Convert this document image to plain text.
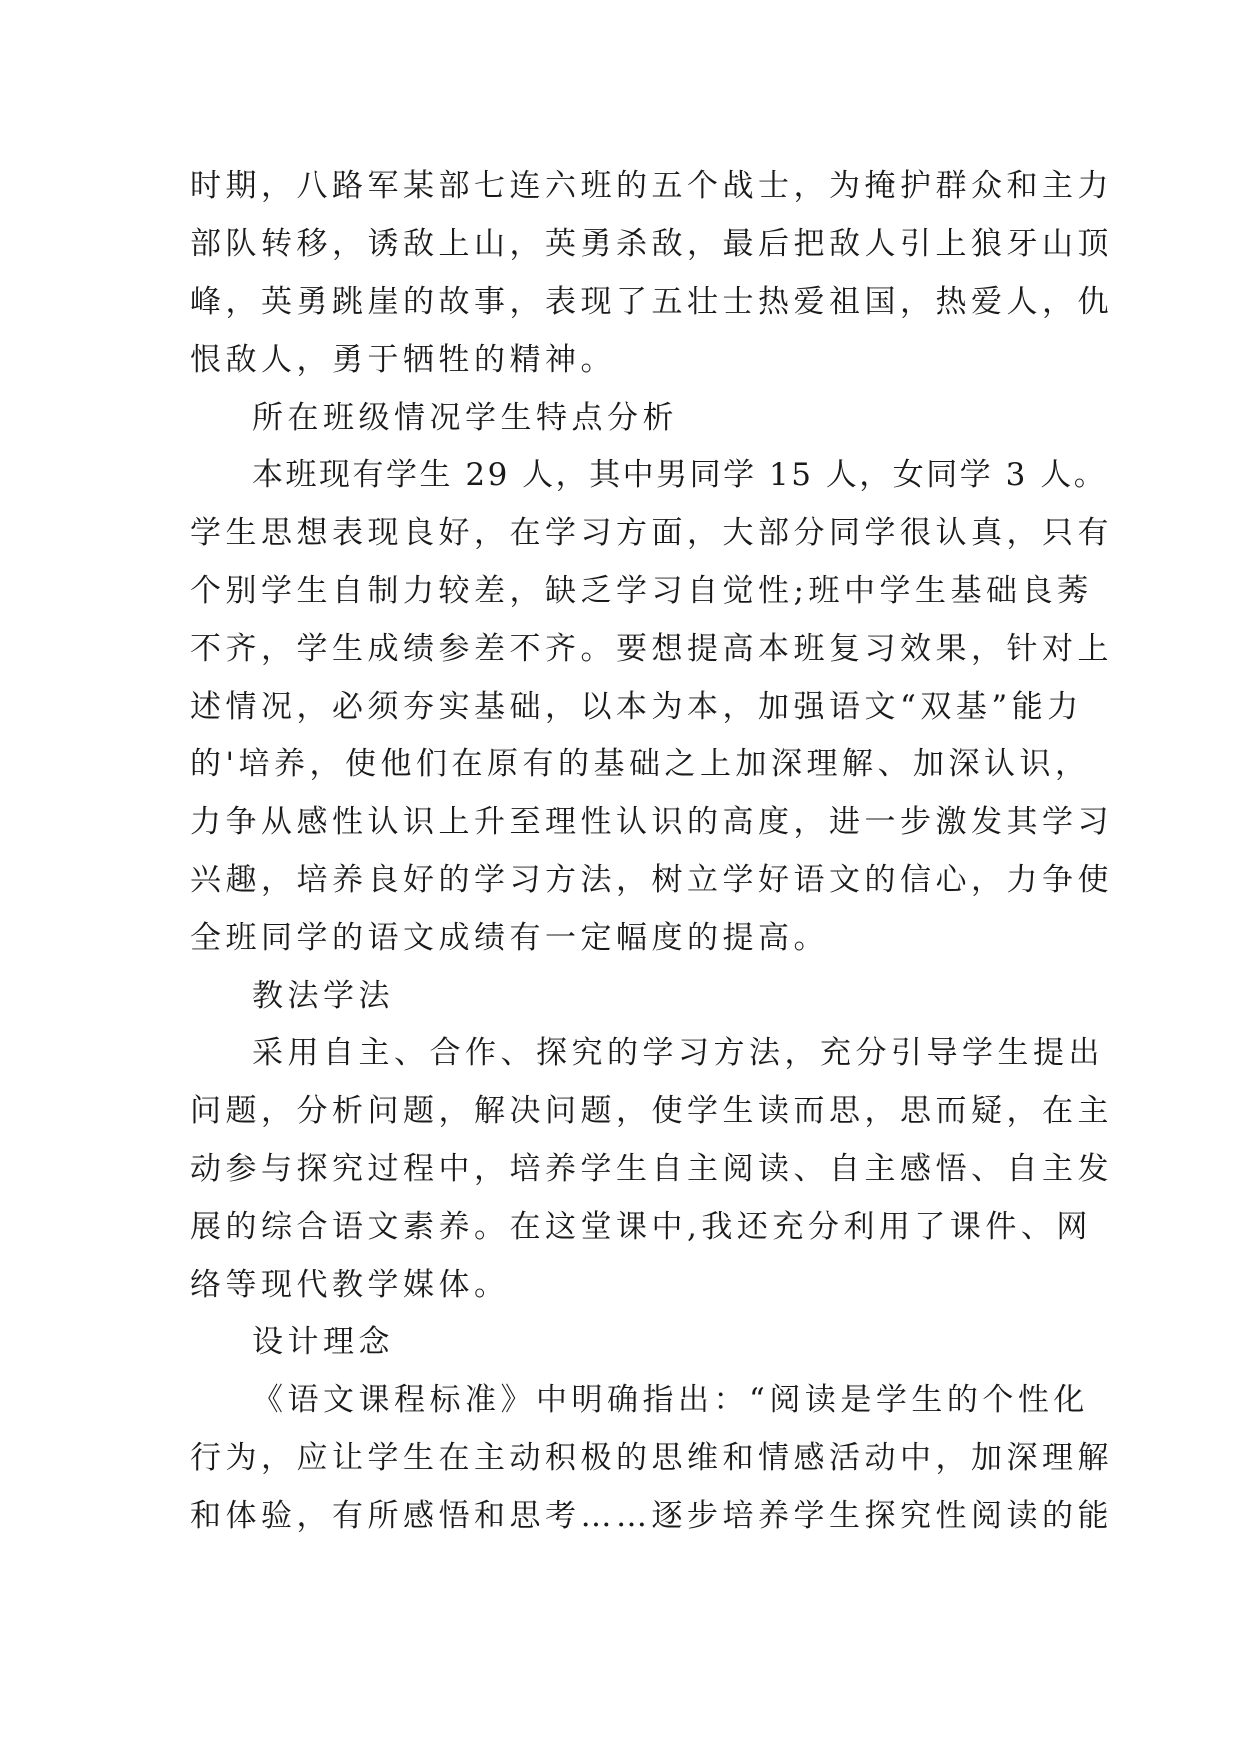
时期，八路军某部七连六班的五个战士，为掩护群众和主力
部队转移，诱敌上山，英勇杀敌，最后把敌人引上狼牙山顶
峰，英勇跳崖的故事，表现了五壮士热爱祖国，热爱人，仇
恨敌人，勇于牺牲的精神。
所在班级情况学生特点分析
本班现有学生 29 人，其中男同学 15 人，女同学 3 人。
学生思想表现良好，在学习方面，大部分同学很认真，只有
个别学生自制力较差，缺乏学习自觉性;班中学生基础良莠
不齐，学生成绩参差不齐。要想提高本班复习效果，针对上
述情况，必须夯实基础，以本为本，加强语文“双基”能力
的'培养，使他们在原有的基础之上加深理解、加深认识，
力争从感性认识上升至理性认识的高度，进一步激发其学习
兴趣，培养良好的学习方法，树立学好语文的信心，力争使
全班同学的语文成绩有一定幅度的提高。
教法学法
采用自主、合作、探究的学习方法，充分引导学生提出
问题，分析问题，解决问题，使学生读而思，思而疑，在主
动参与探究过程中，培养学生自主阅读、自主感悟、自主发
展的综合语文素养。在这堂课中,我还充分利用了课件、网
络等现代教学媒体。
设计理念
《语文课程标准》中明确指出：“阅读是学生的个性化
行为，应让学生在主动积极的思维和情感活动中，加深理解
和体验，有所感悟和思考……逐步培养学生探究性阅读的能
